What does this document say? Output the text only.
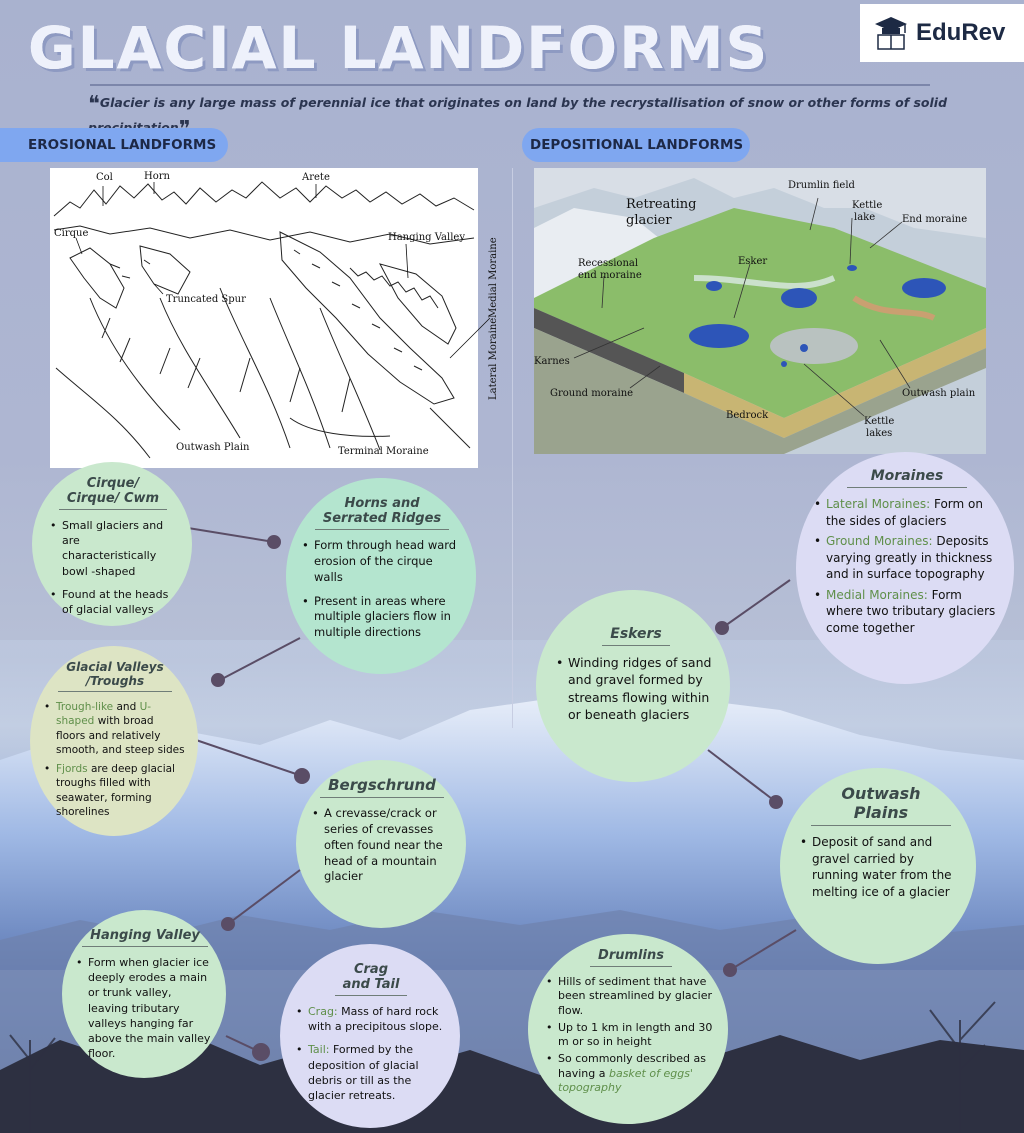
GLACIAL LANDFORMS	EduRev
❝Glacier is any large mass of perennial ice that originates on land by the recrystallisation of snow or other forms of solid
EROSIONAL LANDFORMS	DEPOSITIONAL LANDFORMS
Col	Horn	Arete
Cirque	Hanging Valley
Truncated Spur	Medial Moraine
Lateral Moraine
Outwash Plain	Terminal Moraine
Retreating
glacier
Drumlin field
Kettle
lake	End moraine
Recessional
end moraine
Esker
Karnes
Ground moraine	Outwash plain
Bedrock
Kettle
lakes
Cirque/
Cirque/ Cwm
• Small glaciers and are characteristically bowl -shaped
• Found at the heads of glacial valleys
Horns and
Serrated Ridges
• Form through head ward erosion of the cirque walls
• Present in areas where multiple glaciers flow in multiple directions
Glacial Valleys
/Troughs
• Trough-like and U-shaped with broad floors and relatively smooth, and steep sides
• Fjords are deep glacial troughs filled with seawater, forming shorelines
Bergschrund
• A crevasse/crack or series of crevasses often found near the head of a mountain glacier
Hanging Valley
• Form when glacier ice deeply erodes a main or trunk valley, leaving tributary valleys hanging far above the main valley floor.
Crag
and Tail
• Crag: Mass of hard rock with a precipitous slope.
• Tail: Formed by the deposition of glacial debris or till as the glacier retreats.
Moraines
• Lateral Moraines: Form on the sides of glaciers
• Ground Moraines: Deposits varying greatly in thickness and in surface topography
• Medial Moraines: Form where two tributary glaciers come together
Eskers
• Winding ridges of sand and gravel formed by streams flowing within or beneath glaciers
Outwash
Plains
• Deposit of sand and gravel carried by running water from the melting ice of a glacier
Drumlins
• Hills of sediment that have been streamlined by glacier flow.
• Up to 1 km in length and 30 m or so in height
• So commonly described as having a basket of eggs' topography
